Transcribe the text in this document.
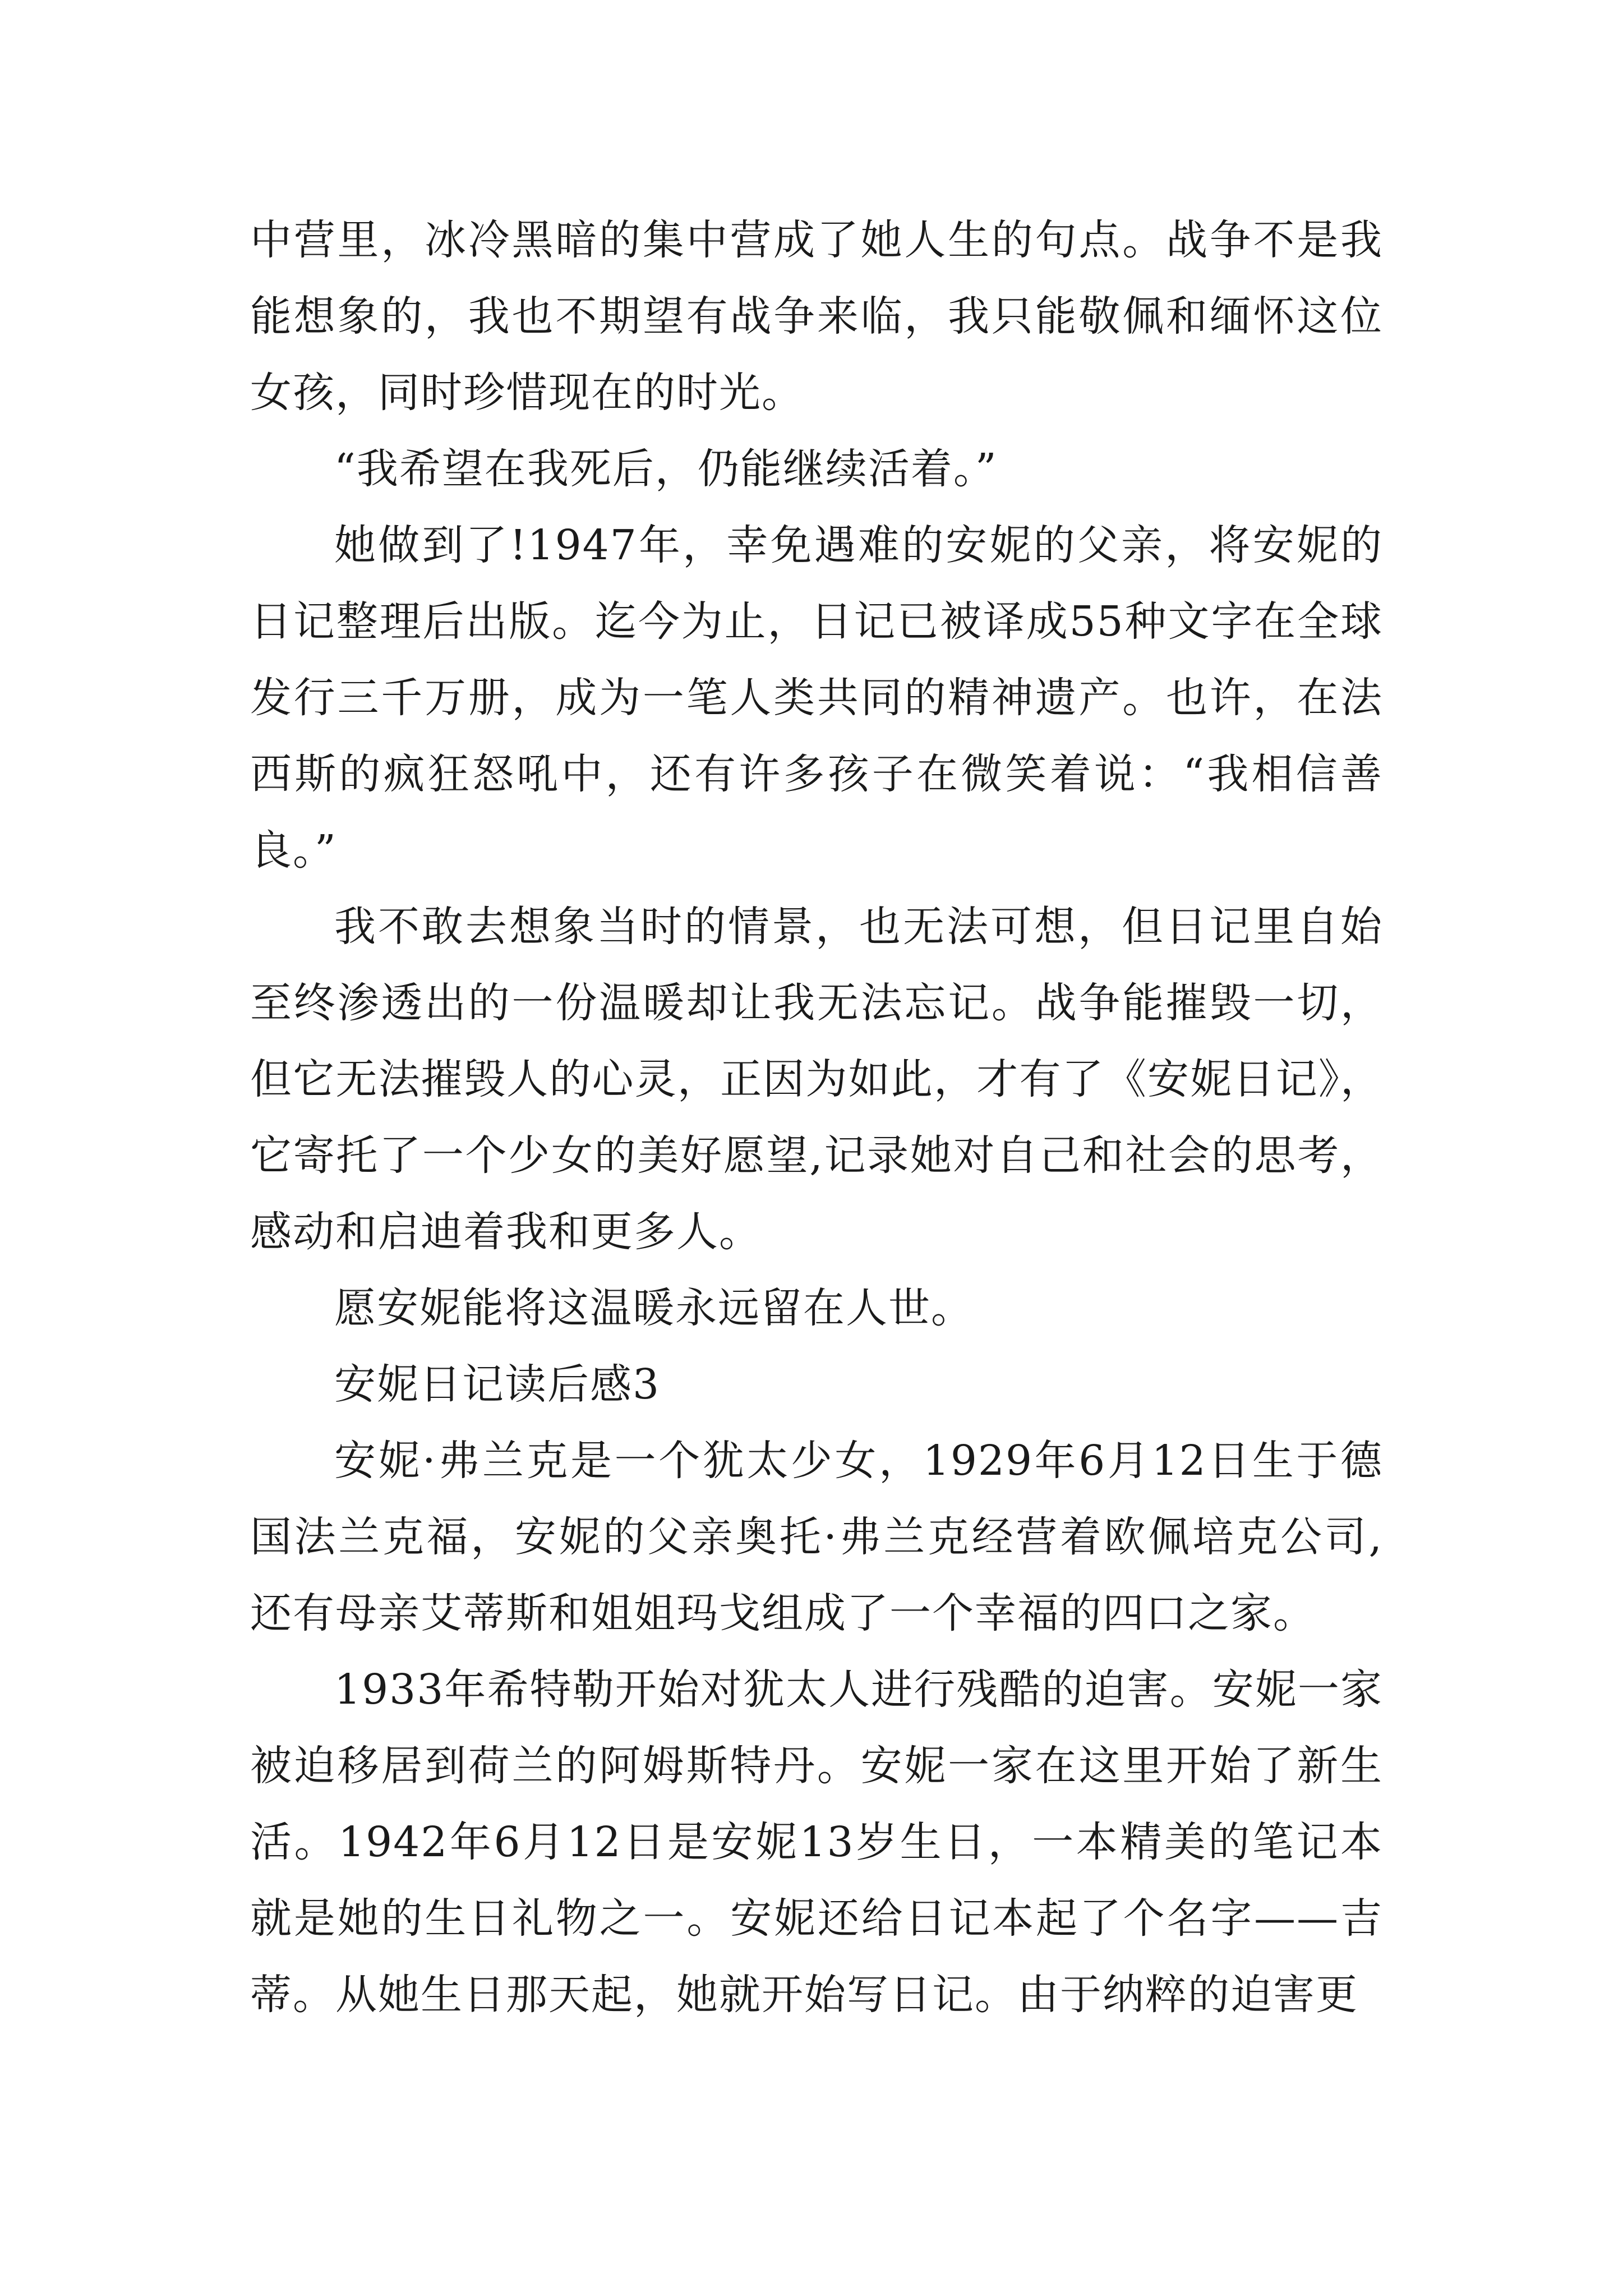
中营里，冰冷黑暗的集中营成了她人生的句点。战争不是我能想象的，我也不期望有战争来临，我只能敬佩和缅怀这位女孩，同时珍惜现在的时光。

“我希望在我死后，仍能继续活着。”

她做到了!1947年，幸免遇难的安妮的父亲，将安妮的日记整理后出版。迄今为止，日记已被译成55种文字在全球发行三千万册，成为一笔人类共同的精神遗产。也许，在法西斯的疯狂怒吼中，还有许多孩子在微笑着说：“我相信善良。”

我不敢去想象当时的情景，也无法可想，但日记里自始至终渗透出的一份温暖却让我无法忘记。战争能摧毁一切，但它无法摧毁人的心灵，正因为如此，才有了《安妮日记》，它寄托了一个少女的美好愿望,记录她对自己和社会的思考，感动和启迪着我和更多人。

愿安妮能将这温暖永远留在人世。

安妮日记读后感3

安妮·弗兰克是一个犹太少女，1929年6月12日生于德国法兰克福，安妮的父亲奥托·弗兰克经营着欧佩培克公司,还有母亲艾蒂斯和姐姐玛戈组成了一个幸福的四口之家。

1933年希特勒开始对犹太人进行残酷的迫害。安妮一家被迫移居到荷兰的阿姆斯特丹。安妮一家在这里开始了新生活。1942年6月12日是安妮13岁生日，一本精美的笔记本就是她的生日礼物之一。安妮还给日记本起了个名字——吉蒂。从她生日那天起，她就开始写日记。由于纳粹的迫害更
